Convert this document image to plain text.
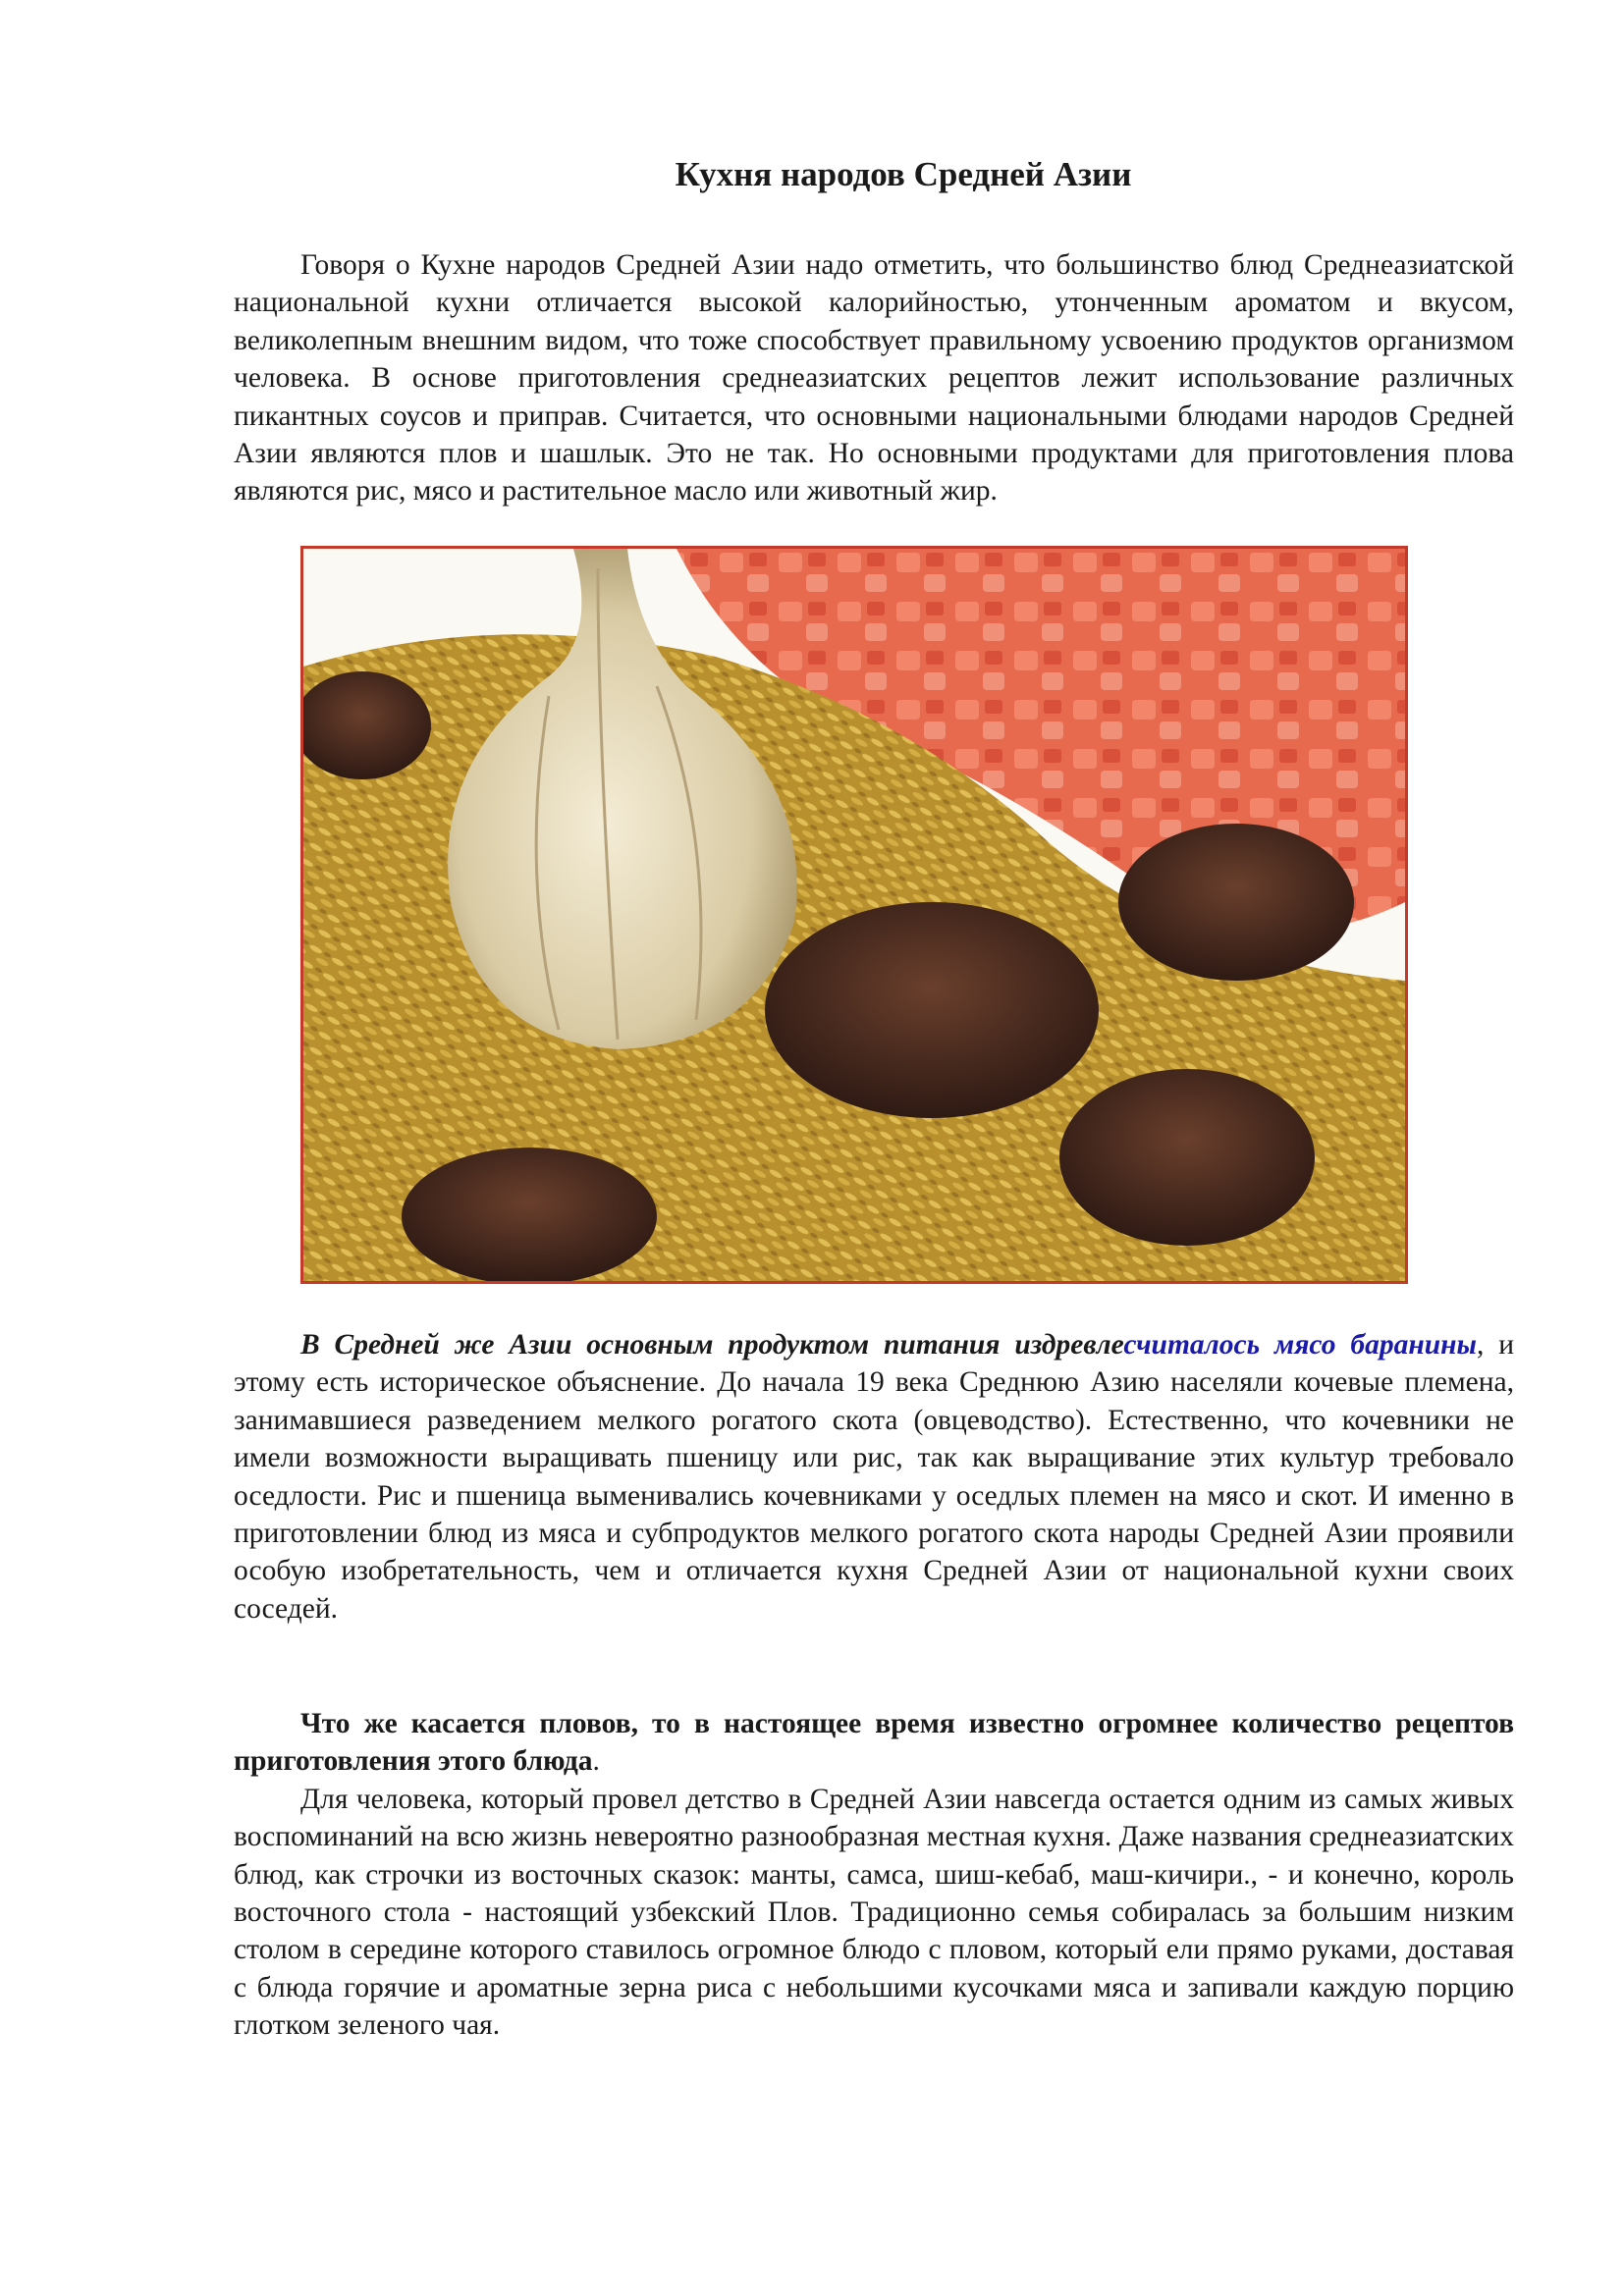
Кухня народов Средней Азии

Говоря о Кухне народов Средней Азии надо отметить, что большинство блюд Среднеазиатской национальной кухни отличается высокой калорийностью, утонченным ароматом и вкусом, великолепным внешним видом, что тоже способствует правильному усвоению продуктов организмом человека. В основе приготовления среднеазиатских рецептов лежит использование различных пикантных соусов и приправ. Считается, что основными национальными блюдами народов Средней Азии являются плов и шашлык. Это не так. Но основными продуктами для приготовления плова являются рис, мясо и растительное масло или животный жир.

В Средней же Азии основным продуктом питания издревлесчиталось мясо баранины, и этому есть историческое объяснение. До начала 19 века Среднюю Азию населяли кочевые племена, занимавшиеся разведением мелкого рогатого скота (овцеводство). Естественно, что кочевники не имели возможности выращивать пшеницу или рис, так как выращивание этих культур требовало оседлости. Рис и пшеница выменивались кочевниками у оседлых племен на мясо и скот. И именно в приготовлении блюд из мяса и субпродуктов мелкого рогатого скота народы Средней Азии проявили особую изобретательность, чем и отличается кухня Средней Азии от национальной кухни своих соседей.

Что же касается пловов, то в настоящее время известно огромнее количество рецептов приготовления этого блюда.

Для человека, который провел детство в Средней Азии навсегда остается одним из самых живых воспоминаний на всю жизнь невероятно разнообразная местная кухня. Даже названия среднеазиатских блюд, как строчки из восточных сказок: манты, самса, шиш-кебаб, маш-кичири., - и конечно, король восточного стола - настоящий узбекский Плов. Традиционно семья собиралась за большим низким столом в середине которого ставилось огромное блюдо с пловом, который ели прямо руками, доставая с блюда горячие и ароматные зерна риса с небольшими кусочками мяса и запивали каждую порцию глотком зеленого чая.
